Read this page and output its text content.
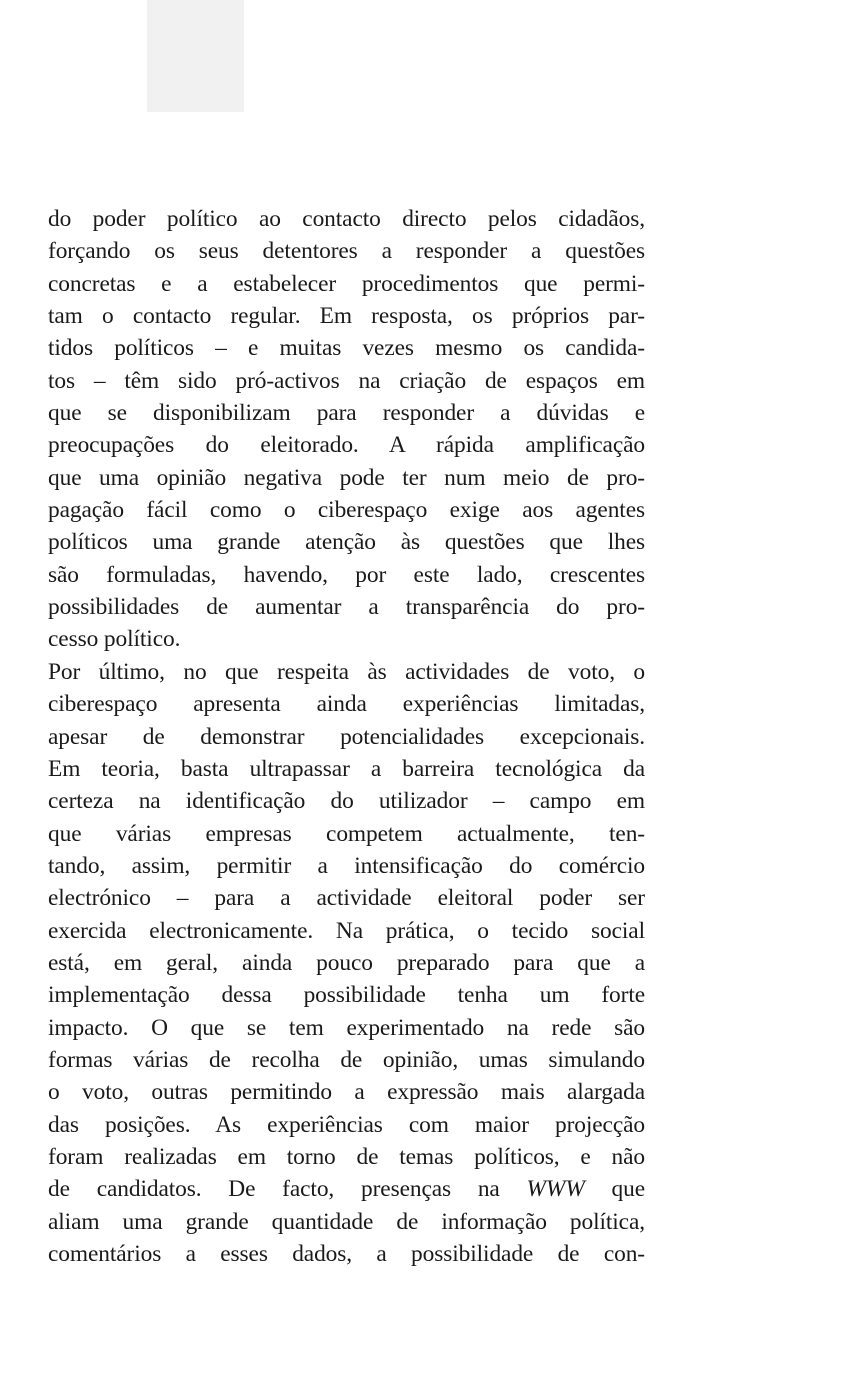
do poder político ao contacto directo pelos cidadãos,
forçando os seus detentores a responder a questões
concretas e a estabelecer procedimentos que permi-
tam o contacto regular. Em resposta, os próprios par-
tidos políticos – e muitas vezes mesmo os candida-
tos – têm sido pró-activos na criação de espaços em
que se disponibilizam para responder a dúvidas e
preocupações do eleitorado. A rápida amplificação
que uma opinião negativa pode ter num meio de pro-
pagação fácil como o ciberespaço exige aos agentes
políticos uma grande atenção às questões que lhes
são formuladas, havendo, por este lado, crescentes
possibilidades de aumentar a transparência do pro-
cesso político.
Por último, no que respeita às actividades de voto, o
ciberespaço apresenta ainda experiências limitadas,
apesar de demonstrar potencialidades excepcionais.
Em teoria, basta ultrapassar a barreira tecnológica da
certeza na identificação do utilizador – campo em
que várias empresas competem actualmente, ten-
tando, assim, permitir a intensificação do comércio
electrónico – para a actividade eleitoral poder ser
exercida electronicamente. Na prática, o tecido social
está, em geral, ainda pouco preparado para que a
implementação dessa possibilidade tenha um forte
impacto. O que se tem experimentado na rede são
formas várias de recolha de opinião, umas simulando
o voto, outras permitindo a expressão mais alargada
das posições. As experiências com maior projecção
foram realizadas em torno de temas políticos, e não
de candidatos. De facto, presenças na WWW que
aliam uma grande quantidade de informação política,
comentários a esses dados, a possibilidade de con-
